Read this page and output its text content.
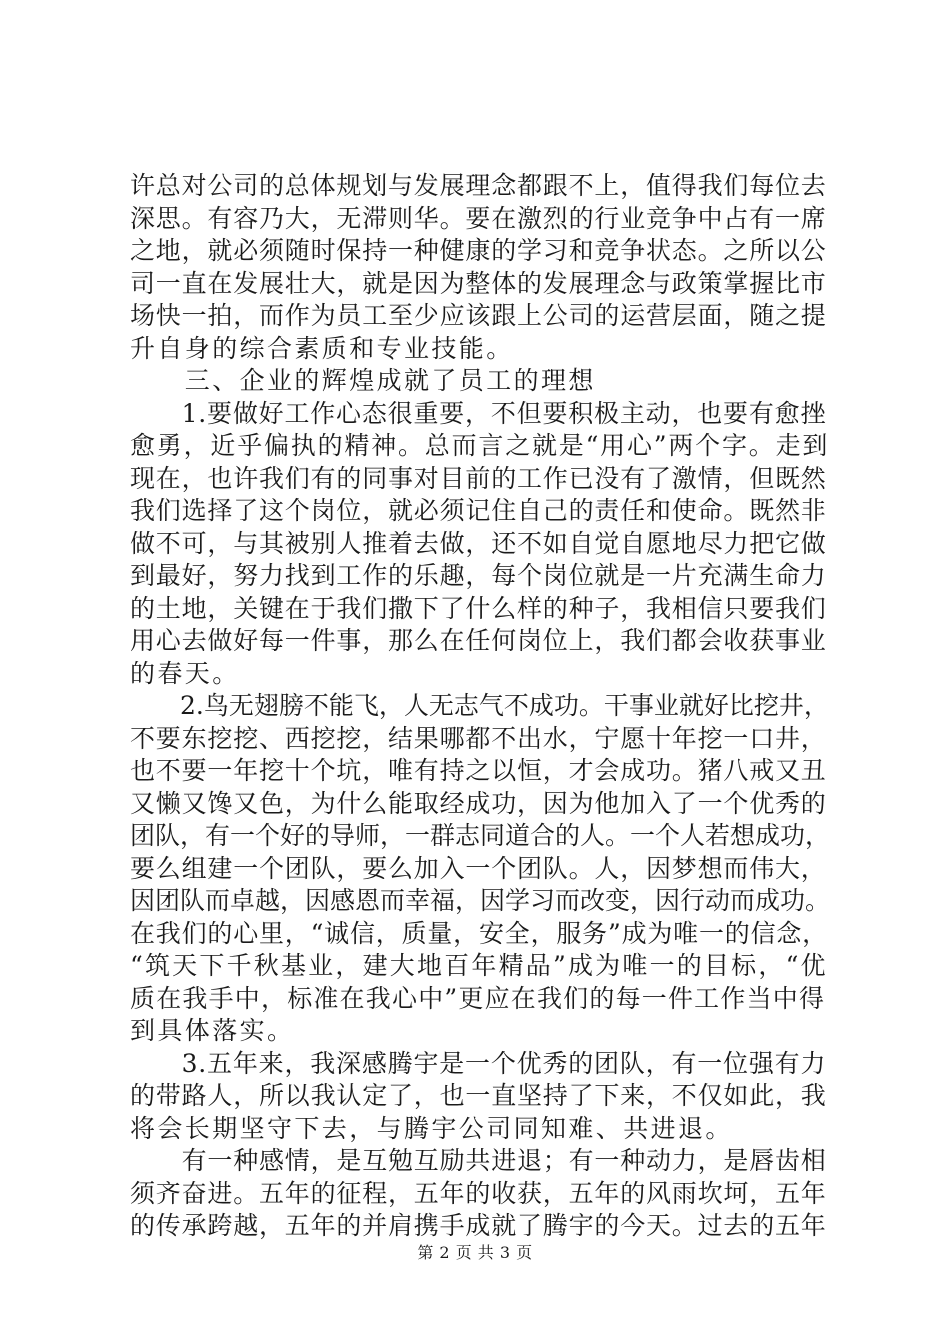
许总对公司的总体规划与发展理念都跟不上，值得我们每位去
深思。有容乃大，无滞则华。要在激烈的行业竞争中占有一席
之地，就必须随时保持一种健康的学习和竞争状态。之所以公
司一直在发展壮大，就是因为整体的发展理念与政策掌握比市
场快一拍，而作为员工至少应该跟上公司的运营层面，随之提
升自身的综合素质和专业技能。
　　三、企业的辉煌成就了员工的理想
　　1.要做好工作心态很重要，不但要积极主动，也要有愈挫
愈勇，近乎偏执的精神。总而言之就是“用心”两个字。走到
现在，也许我们有的同事对目前的工作已没有了激情，但既然
我们选择了这个岗位，就必须记住自己的责任和使命。既然非
做不可，与其被别人推着去做，还不如自觉自愿地尽力把它做
到最好，努力找到工作的乐趣，每个岗位就是一片充满生命力
的土地，关键在于我们撒下了什么样的种子，我相信只要我们
用心去做好每一件事，那么在任何岗位上，我们都会收获事业
的春天。
　　2.鸟无翅膀不能飞，人无志气不成功。干事业就好比挖井，
不要东挖挖、西挖挖，结果哪都不出水，宁愿十年挖一口井，
也不要一年挖十个坑，唯有持之以恒，才会成功。猪八戒又丑
又懒又馋又色，为什么能取经成功，因为他加入了一个优秀的
团队，有一个好的导师，一群志同道合的人。一个人若想成功，
要么组建一个团队，要么加入一个团队。人，因梦想而伟大，
因团队而卓越，因感恩而幸福，因学习而改变，因行动而成功。
在我们的心里，“诚信，质量，安全，服务”成为唯一的信念，
“筑天下千秋基业，建大地百年精品”成为唯一的目标，“优
质在我手中，标准在我心中”更应在我们的每一件工作当中得
到具体落实。
　　3.五年来，我深感腾宇是一个优秀的团队，有一位强有力
的带路人，所以我认定了，也一直坚持了下来，不仅如此，我
将会长期坚守下去，与腾宇公司同知难、共进退。
　　有一种感情，是互勉互励共进退；有一种动力，是唇齿相
须齐奋进。五年的征程，五年的收获，五年的风雨坎坷，五年
的传承跨越，五年的并肩携手成就了腾宇的今天。过去的五年
第 2 页 共 3 页
